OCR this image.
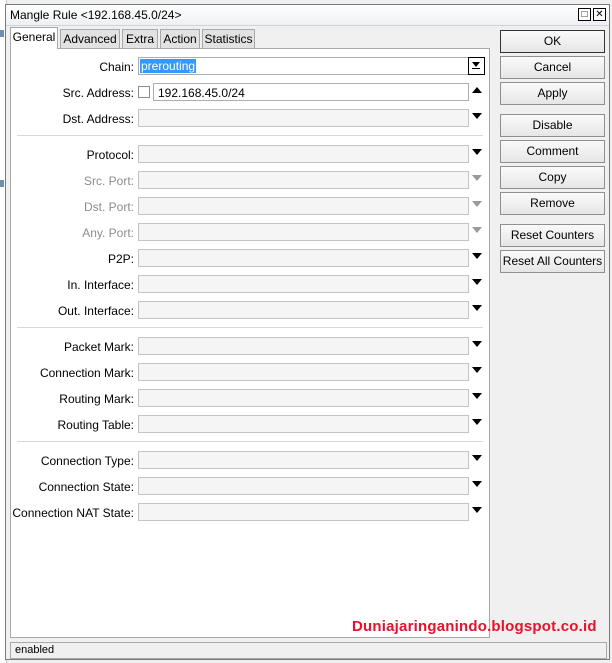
Mangle Rule <192.168.45.0/24>	□ ✕
General Advanced Extra Action Statistics
Chain: prerouting
Src. Address: 192.168.45.0/24
Dst. Address:
Protocol:
Src. Port:
Dst. Port:
Any. Port:
P2P:
In. Interface:
Out. Interface:
Packet Mark:
Connection Mark:
Routing Mark:
Routing Table:
Connection Type:
Connection State:
Connection NAT State:
OK
Cancel
Apply
Disable
Comment
Copy
Remove
Reset Counters
Reset All Counters
enabled
Duniajaringanindo.blogspot.co.id
